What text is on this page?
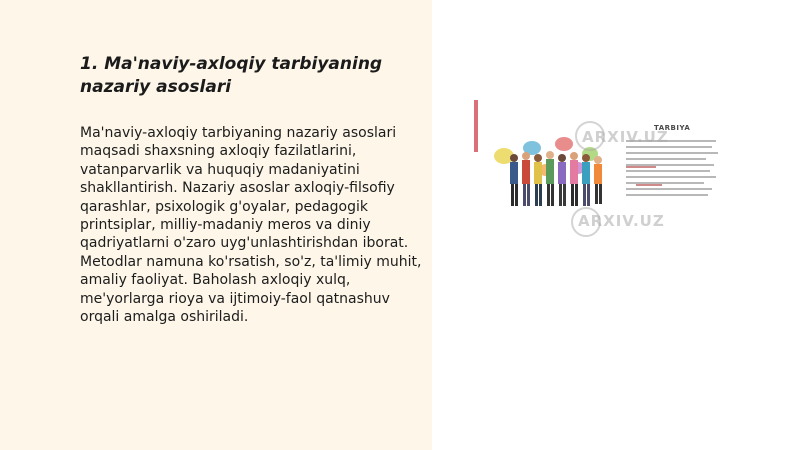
1. Ma'naviy-axloqiy tarbiyaning nazariy asoslari

Ma'naviy-axloqiy tarbiyaning nazariy asoslari maqsadi shaxsning axloqiy fazilatlarini, vatanparvarlik va huquqiy madaniyatini shakllantirish. Nazariy asoslar axloqiy-filsofiy qarashlar, psixologik g'oyalar, pedagogik printsiplar, milliy-madaniy meros va diniy qadriyatlarni o'zaro uyg'unlashtirishdan iborat. Metodlar namuna ko'rsatish, so'z, ta'limiy muhit, amaliy faoliyat. Baholash axloqiy xulq, me'yorlarga rioya va ijtimoiy-faol qatnashuv orqali amalga oshiriladi.

TARBIYA
ARXIV.UZ
ARXIV.UZ
